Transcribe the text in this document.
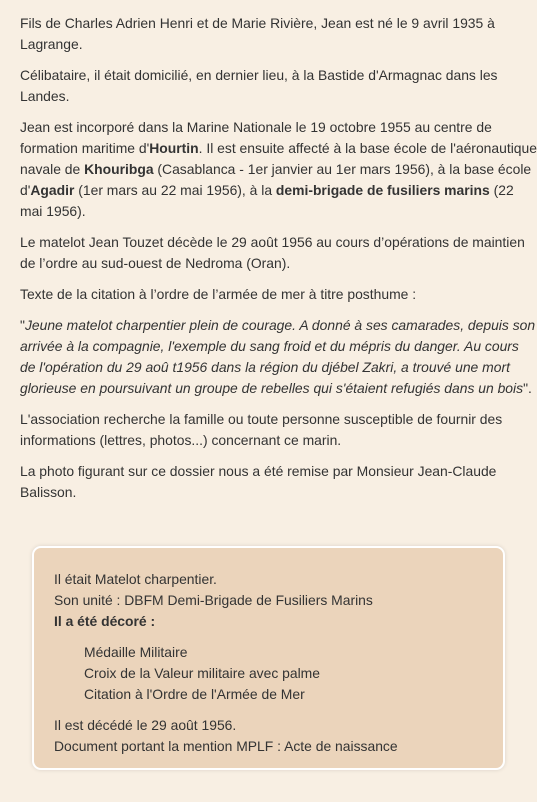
Fils de Charles Adrien Henri et de Marie Rivière, Jean est né le 9 avril 1935 à Lagrange.

Célibataire, il était domicilié, en dernier lieu, à la Bastide d'Armagnac dans les Landes.

Jean est incorporé dans la Marine Nationale le 19 octobre 1955 au centre de formation maritime d'Hourtin. Il est ensuite affecté à la base école de l'aéronautique navale de Khouribga (Casablanca - 1er janvier au 1er mars 1956), à la base école d'Agadir (1er mars au 22 mai 1956), à la demi-brigade de fusiliers marins (22 mai 1956).

Le matelot Jean Touzet décède le 29 août 1956 au cours d’opérations de maintien de l’ordre au sud-ouest de Nedroma (Oran).

Texte de la citation à l’ordre de l’armée de mer à titre posthume :

"Jeune matelot charpentier plein de courage. A donné à ses camarades, depuis son arrivée à la compagnie, l'exemple du sang froid et du mépris du danger. Au cours de l'opération du 29 aoû t1956 dans la région du djébel Zakri, a trouvé une mort glorieuse en poursuivant un groupe de rebelles qui s'étaient refugiés dans un bois".

L'association recherche la famille ou toute personne susceptible de fournir des informations (lettres, photos...) concernant ce marin.

La photo figurant sur ce dossier nous a été remise par Monsieur Jean-Claude Balisson.

Il était Matelot charpentier.
Son unité : DBFM Demi-Brigade de Fusiliers Marins
Il a été décoré :
Médaille Militaire
Croix de la Valeur militaire avec palme
Citation à l'Ordre de l'Armée de Mer
Il est décédé le 29 août 1956.
Document portant la mention MPLF : Acte de naissance
